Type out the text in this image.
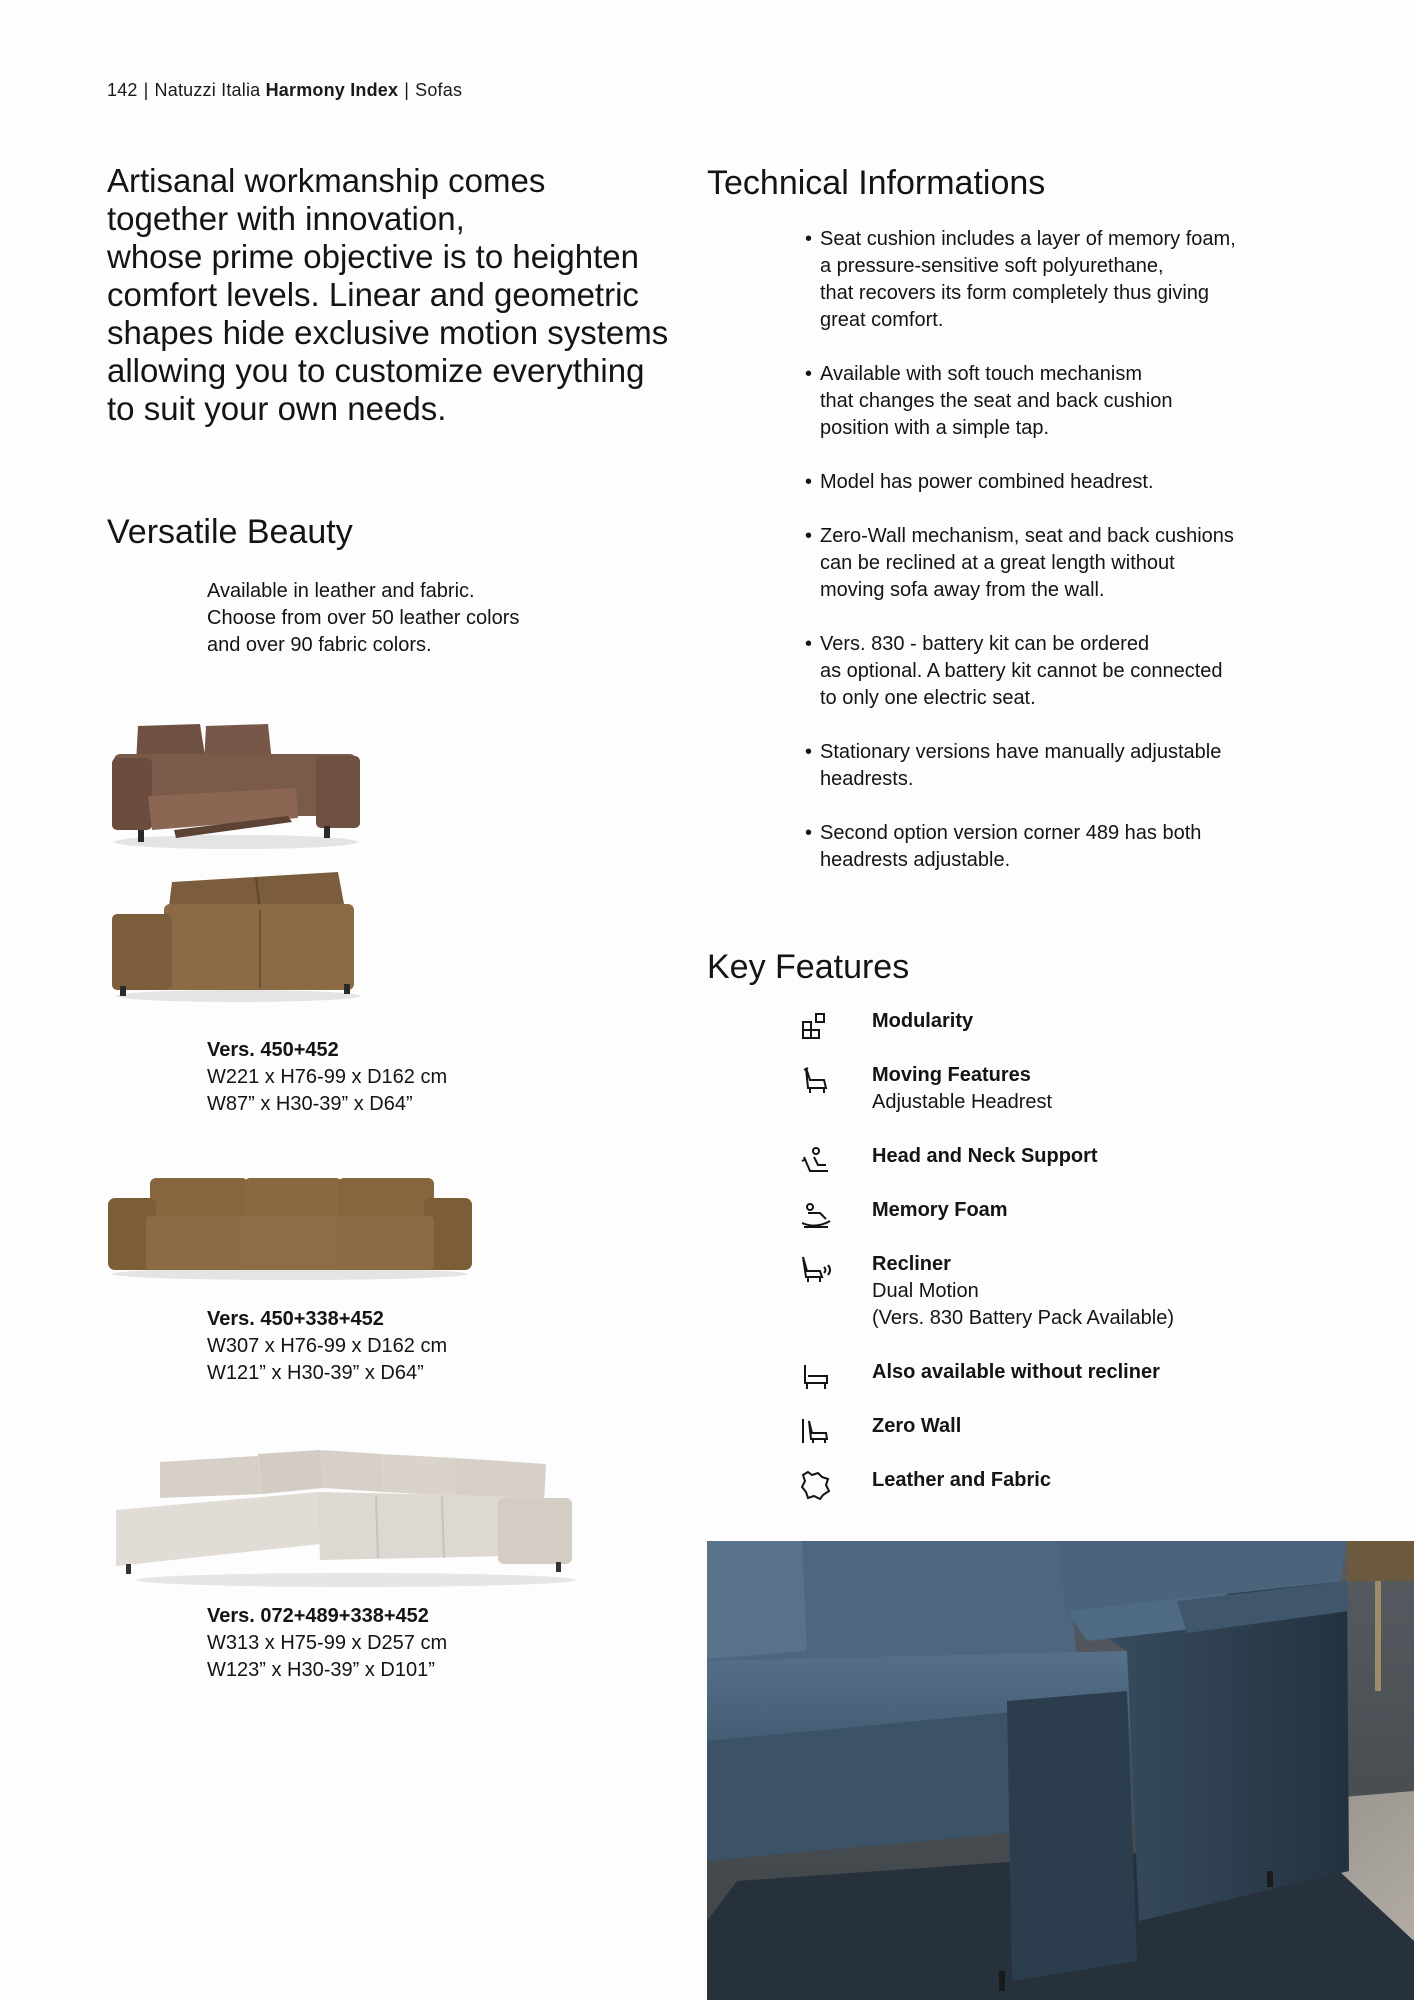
142 | Natuzzi Italia Harmony Index | Sofas
Artisanal workmanship comes
together with innovation,
whose prime objective is to heighten
comfort levels. Linear and geometric
shapes hide exclusive motion systems
allowing you to customize everything
to suit your own needs.
Versatile Beauty

Available in leather and fabric.
Choose from over 50 leather colors
and over 90 fabric colors.

Vers. 450+452
W221 x H76-99 x D162 cm
W87” x H30-39” x D64”
Vers. 450+338+452
W307 x H76-99 x D162 cm
W121” x H30-39” x D64”
Vers. 072+489+338+452
W313 x H75-99 x D257 cm
W123” x H30-39” x D101”
Technical Informations
• Seat cushion includes a layer of memory foam,
a pressure-sensitive soft polyurethane,
that recovers its form completely thus giving
great comfort.
• Available with soft touch mechanism
that changes the seat and back cushion
position with a simple tap.
• Model has power combined headrest.
• Zero-Wall mechanism, seat and back cushions
can be reclined at a great length without
moving sofa away from the wall.
• Vers. 830 - battery kit can be ordered
as optional. A battery kit cannot be connected
to only one electric seat.
• Stationary versions have manually adjustable
headrests.
• Second option version corner 489 has both
headrests adjustable.
Key Features
Modularity
Moving Features
Adjustable Headrest
Head and Neck Support
Memory Foam
Recliner
Dual Motion
(Vers. 830 Battery Pack Available)
Also available without recliner
Zero Wall
Leather and Fabric
